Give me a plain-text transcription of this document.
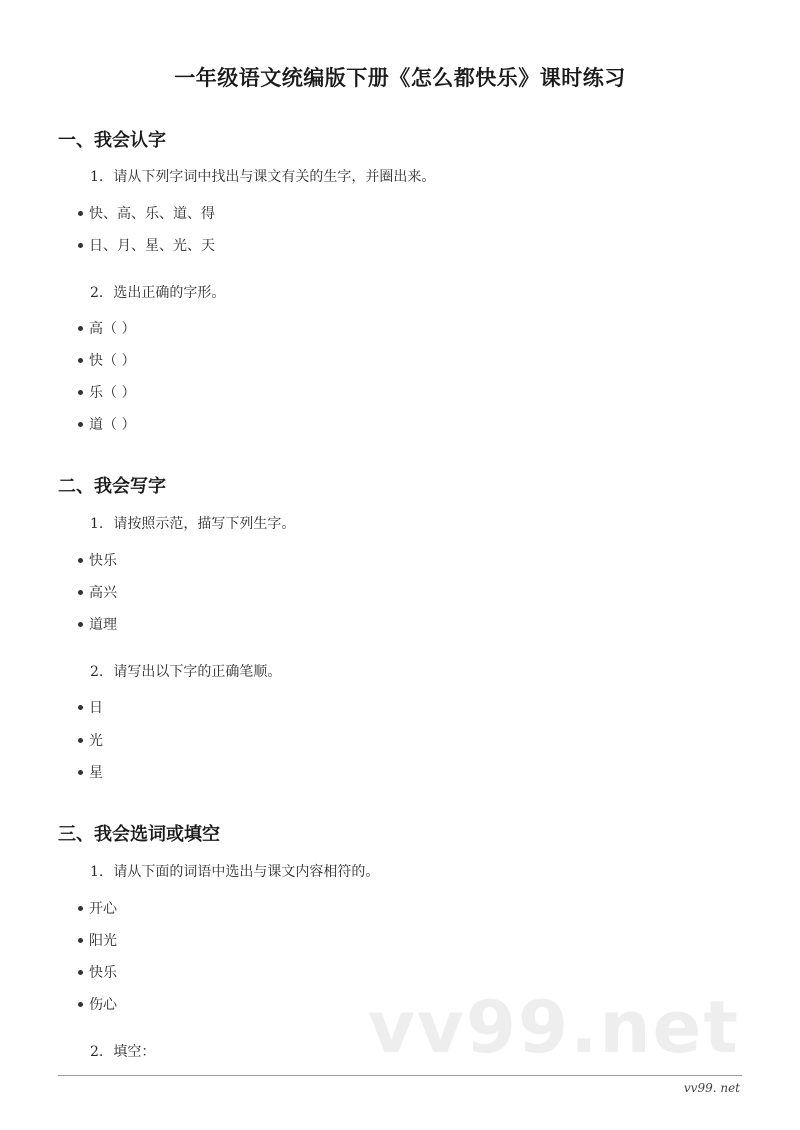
一年级语文统编版下册《怎么都快乐》课时练习
一、我会认字
1. 请从下列字词中找出与课文有关的生字，并圈出来。
快、高、乐、道、得
日、月、星、光、天
2. 选出正确的字形。
高（ ）
快（ ）
乐（ ）
道（ ）
二、我会写字
1. 请按照示范，描写下列生字。
快乐
高兴
道理
2. 请写出以下字的正确笔顺。
日
光
星
三、我会选词或填空
1. 请从下面的词语中选出与课文内容相符的。
开心
阳光
快乐
伤心	vv99.net
2. 填空：
vv99. net
